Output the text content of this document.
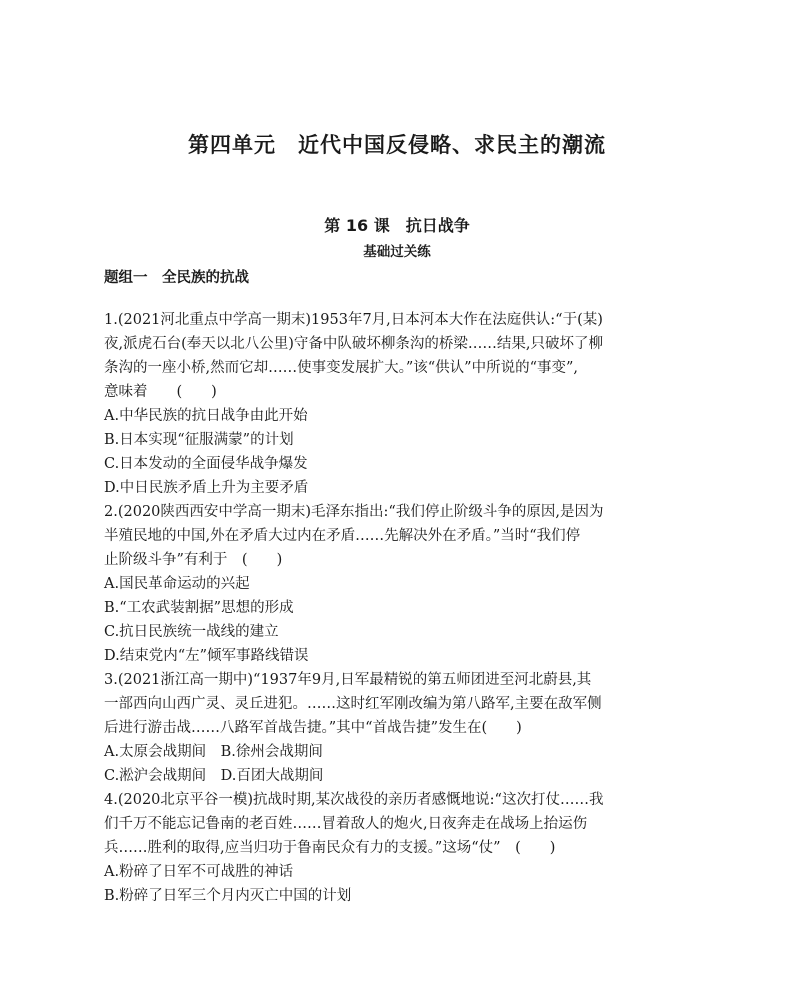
第四单元　近代中国反侵略、求民主的潮流
第 16 课　抗日战争
基础过关练
题组一　全民族的抗战
1.(2021河北重点中学高一期末)1953年7月,日本河本大作在法庭供认:“于(某)
夜,派虎石台(奉天以北八公里)守备中队破坏柳条沟的桥梁……结果,只破坏了柳
条沟的一座小桥,然而它却……使事变发展扩大。”该“供认”中所说的“事变”,
意味着　　(　　)
A.中华民族的抗日战争由此开始
B.日本实现“征服满蒙”的计划
C.日本发动的全面侵华战争爆发
D.中日民族矛盾上升为主要矛盾
2.(2020陕西西安中学高一期末)毛泽东指出:“我们停止阶级斗争的原因,是因为
半殖民地的中国,外在矛盾大过内在矛盾……先解决外在矛盾。”当时“我们停
止阶级斗争”有利于　(　　)
A.国民革命运动的兴起
B.“工农武装割据”思想的形成
C.抗日民族统一战线的建立
D.结束党内“左”倾军事路线错误
3.(2021浙江高一期中)“1937年9月,日军最精锐的第五师团进至河北蔚县,其
一部西向山西广灵、灵丘进犯。……这时红军刚改编为第八路军,主要在敌军侧
后进行游击战……八路军首战告捷。”其中“首战告捷”发生在(　　)
A.太原会战期间　B.徐州会战期间
C.淞沪会战期间　D.百团大战期间
4.(2020北京平谷一模)抗战时期,某次战役的亲历者感慨地说:“这次打仗……我
们千万不能忘记鲁南的老百姓……冒着敌人的炮火,日夜奔走在战场上抬运伤
兵……胜利的取得,应当归功于鲁南民众有力的支援。”这场“仗”　(　　)
A.粉碎了日军不可战胜的神话
B.粉碎了日军三个月内灭亡中国的计划
